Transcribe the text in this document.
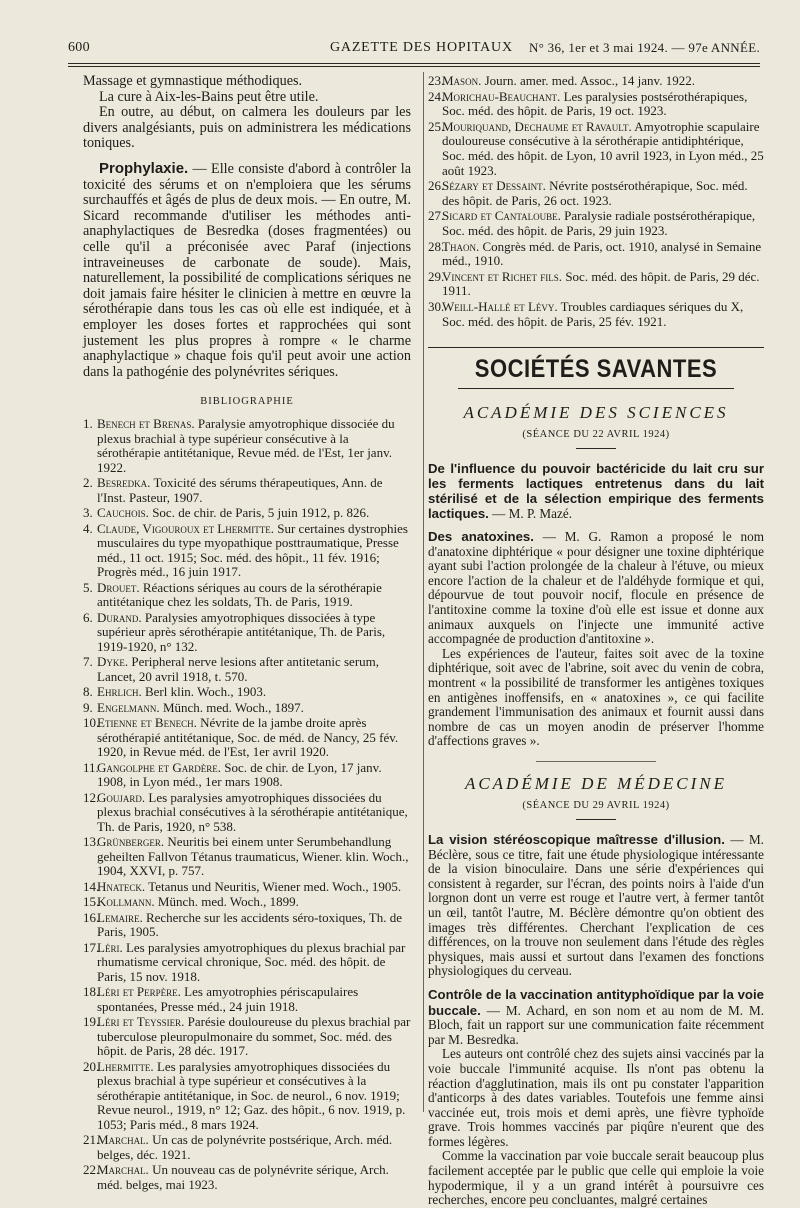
600	GAZETTE DES HOPITAUX N° 36, 1er et 3 mai 1924. — 97e ANNÉE.

Massage et gymnastique méthodiques.

La cure à Aix-les-Bains peut être utile.

En outre, au début, on calmera les douleurs par les divers analgésiants, puis on administrera les médications toniques.

Prophylaxie. — Elle consiste d'abord à contrôler la toxicité des sérums et on n'emploiera que les sérums surchauffés et âgés de plus de deux mois. — En outre, M. Sicard recommande d'utiliser les méthodes anti-anaphylactiques de Besredka (doses fragmentées) ou celle qu'il a préconisée avec Paraf (injections intraveineuses de carbonate de soude). Mais, naturellement, la possibilité de complications sériques ne doit jamais faire hésiter le clinicien à mettre en œuvre la sérothérapie dans tous les cas où elle est indiquée, et à employer les doses fortes et rapprochées qui sont justement les plus propres à rompre « le charme anaphylactique » chaque fois qu'il peut avoir une action dans la pathogénie des polynévrites sériques.

BIBLIOGRAPHIE
1. Benech et Brenas. Paralysie amyotrophique dissociée du plexus brachial à type supérieur consécutive à la sérothérapie antitétanique, Revue méd. de l'Est, 1er janv. 1922.
2. Besredka. Toxicité des sérums thérapeutiques, Ann. de l'Inst. Pasteur, 1907.
3. Cauchois. Soc. de chir. de Paris, 5 juin 1912, p. 826.
4. Claude, Vigouroux et Lhermitte. Sur certaines dystrophies musculaires du type myopathique posttraumatique, Presse méd., 11 oct. 1915; Soc. méd. des hôpit., 11 fév. 1916; Progrès méd., 16 juin 1917.
5. Drouet. Réactions sériques au cours de la sérothérapie antitétanique chez les soldats, Th. de Paris, 1919.
6. Durand. Paralysies amyotrophiques dissociées à type supérieur après sérothérapie antitétanique, Th. de Paris, 1919-1920, n° 132.
7. Dyke. Peripheral nerve lesions after antitetanic serum, Lancet, 20 avril 1918, t. 570.
8. Ehrlich. Berl klin. Woch., 1903.
9. Engelmann. Münch. med. Woch., 1897.
10.Etienne et Benech. Névrite de la jambe droite après sérothérapié antitétanique, Soc. de méd. de Nancy, 25 fév. 1920, in Revue méd. de l'Est, 1er avril 1920.
11.Gangolphe et Gardère. Soc. de chir. de Lyon, 17 janv. 1908, in Lyon méd., 1er mars 1908.
12.Goujard. Les paralysies amyotrophiques dissociées du plexus brachial consécutives à la sérothérapie antitétanique, Th. de Paris, 1920, n° 538.
13.Grünberger. Neuritis bei einem unter Serumbehandlung geheilten Fallvon Tétanus traumaticus, Wiener. klin. Woch., 1904, XXVI, p. 757.
14.Hnateck. Tetanus und Neuritis, Wiener med. Woch., 1905.
15.Kollmann. Münch. med. Woch., 1899.
16.Lemaire. Recherche sur les accidents séro-toxiques, Th. de Paris, 1905.
17.Léri. Les paralysies amyotrophiques du plexus brachial par rhumatisme cervical chronique, Soc. méd. des hôpit. de Paris, 15 nov. 1918.
18.Léri et Perpère. Les amyotrophies périscapulaires spontanées, Presse méd., 24 juin 1918.
19.Léri et Teyssier. Parésie douloureuse du plexus brachial par tuberculose pleuropulmonaire du sommet, Soc. méd. des hôpit. de Paris, 28 déc. 1917.
20.Lhermitte. Les paralysies amyotrophiques dissociées du plexus brachial à type supérieur et consécutives à la sérothérapie antitétanique, in Soc. de neurol., 6 nov. 1919; Revue neurol., 1919, n° 12; Gaz. des hôpit., 6 nov. 1919, p. 1053; Paris méd., 8 mars 1924.
21.Marchal. Un cas de polynévrite postsérique, Arch. méd. belges, déc. 1921.
22.Marchal. Un nouveau cas de polynévrite sérique, Arch. méd. belges, mai 1923.
23.Mason. Journ. amer. med. Assoc., 14 janv. 1922.
24.Morichau-Beauchant. Les paralysies postsérothérapiques, Soc. méd. des hôpit. de Paris, 19 oct. 1923.
25.Mouriquand, Dechaume et Ravault. Amyotrophie scapulaire douloureuse consécutive à la sérothérapie antidiphtérique, Soc. méd. des hôpit. de Lyon, 10 avril 1923, in Lyon méd., 25 août 1923.
26.Sézary et Dessaint. Névrite postsérothérapique, Soc. méd. des hôpit. de Paris, 26 oct. 1923.
27.Sicard et Cantaloube. Paralysie radiale postsérothérapique, Soc. méd. des hôpit. de Paris, 29 juin 1923.
28.Thaon. Congrès méd. de Paris, oct. 1910, analysé in Semaine méd., 1910.
29.Vincent et Richet fils. Soc. méd. des hôpit. de Paris, 29 déc. 1911.
30.Weill-Hallé et Lévy. Troubles cardiaques sériques du X, Soc. méd. des hôpit. de Paris, 25 fév. 1921.
SOCIÉTÉS SAVANTES
ACADÉMIE DES SCIENCES
(SÉANCE DU 22 AVRIL 1924)

De l'influence du pouvoir bactéricide du lait cru sur les ferments lactiques entretenus dans du lait stérilisé et de la sélection empirique des ferments lactiques. — M. P. Mazé.

Des anatoxines. — M. G. Ramon a proposé le nom d'anatoxine diphtérique « pour désigner une toxine diphtérique ayant subi l'action prolongée de la chaleur à l'étuve, ou mieux encore l'action de la chaleur et de l'aldéhyde formique et qui, dépourvue de tout pouvoir nocif, flocule en présence de l'antitoxine comme la toxine d'où elle est issue et donne aux animaux auxquels on l'injecte une immunité active accompagnée de production d'antitoxine ».

Les expériences de l'auteur, faites soit avec de la toxine diphtérique, soit avec de l'abrine, soit avec du venin de cobra, montrent « la possibilité de transformer les antigènes toxiques en antigènes inoffensifs, en « anatoxines », ce qui facilite grandement l'immunisation des animaux et fournit aussi dans nombre de cas un moyen anodin de préserver l'homme d'affections graves ».

ACADÉMIE DE MÉDECINE
(SÉANCE DU 29 AVRIL 1924)

La vision stéréoscopique maîtresse d'illusion. — M. Béclère, sous ce titre, fait une étude physiologique intéressante de la vision binoculaire. Dans une série d'expériences qui consistent à regarder, sur l'écran, des points noirs à l'aide d'un lorgnon dont un verre est rouge et l'autre vert, à fermer tantôt un œil, tantôt l'autre, M. Béclère démontre qu'on obtient des images très différentes. Cherchant l'explication de ces différences, on la trouve non seulement dans l'étude des règles physiques, mais aussi et surtout dans l'examen des fonctions physiologiques du cerveau.

Contrôle de la vaccination antityphoïdique par la voie buccale. — M. Achard, en son nom et au nom de M. M. Bloch, fait un rapport sur une communication faite récemment par M. Besredka.

Les auteurs ont contrôlé chez des sujets ainsi vaccinés par la voie buccale l'immunité acquise. Ils n'ont pas obtenu la réaction d'agglutination, mais ils ont pu constater l'apparition d'anticorps à des dates variables. Toutefois une femme ainsi vaccinée eut, trois mois et demi après, une fièvre typhoïde grave. Trois hommes vaccinés par piqûre n'eurent que des formes légères.

Comme la vaccination par voie buccale serait beaucoup plus facilement acceptée par le public que celle qui emploie la voie hypodermique, il y a un grand intérêt à poursuivre ces recherches, encore peu concluantes, malgré certaines
